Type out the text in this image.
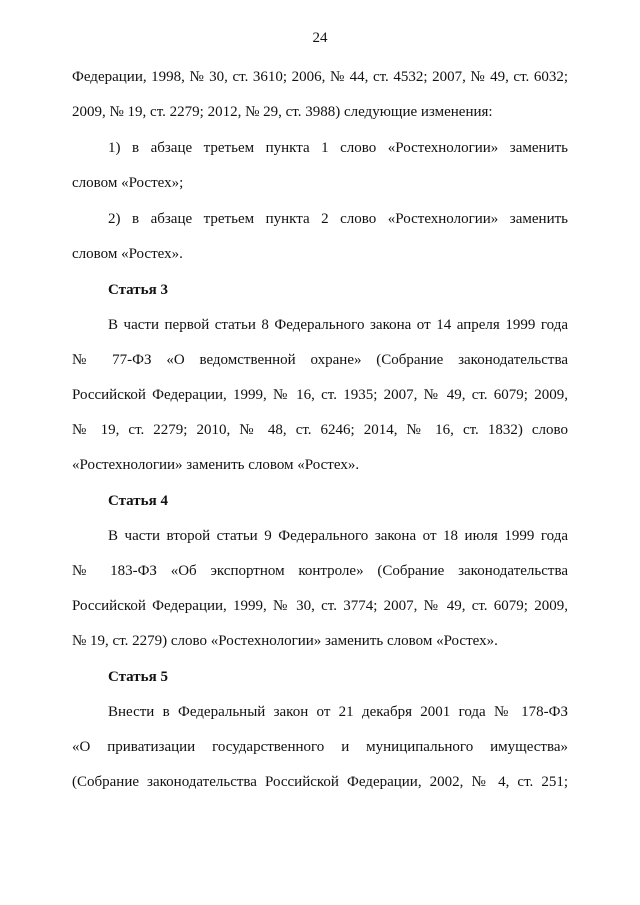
24
Федерации, 1998, № 30, ст. 3610; 2006, № 44, ст. 4532; 2007, № 49, ст. 6032;
2009, № 19, ст. 2279; 2012, № 29, ст. 3988) следующие изменения:
1) в абзаце третьем пункта 1 слово «Ростехнологии» заменить
словом «Ростех»;
2) в абзаце третьем пункта 2 слово «Ростехнологии» заменить
словом «Ростех».
Статья 3
В части первой статьи 8 Федерального закона от 14 апреля 1999 года
№ 77-ФЗ «О ведомственной охране» (Собрание законодательства
Российской Федерации, 1999, № 16, ст. 1935; 2007, № 49, ст. 6079; 2009,
№ 19, ст. 2279; 2010, № 48, ст. 6246; 2014, № 16, ст. 1832) слово
«Ростехнологии» заменить словом «Ростех».
Статья 4
В части второй статьи 9 Федерального закона от 18 июля 1999 года
№ 183-ФЗ «Об экспортном контроле» (Собрание законодательства
Российской Федерации, 1999, № 30, ст. 3774; 2007, № 49, ст. 6079; 2009,
№ 19, ст. 2279) слово «Ростехнологии» заменить словом «Ростех».
Статья 5
Внести в Федеральный закон от 21 декабря 2001 года № 178-ФЗ
«О приватизации государственного и муниципального имущества»
(Собрание законодательства Российской Федерации, 2002, № 4, ст. 251;
